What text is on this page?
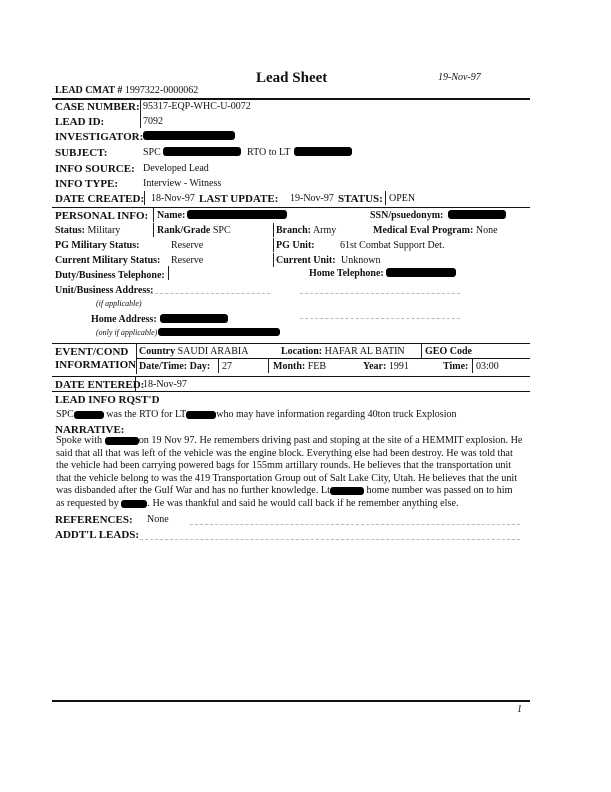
Lead Sheet	19-Nov-97
LEAD CMAT # 1997322-0000062
CASE NUMBER: 95317-EQP-WHC-U-0072
LEAD ID:	7092
INVESTIGATOR:
SUBJECT:	SPC	RTO to LT
INFO SOURCE: Developed Lead
INFO TYPE: Interview - Witness
DATE CREATED: 18-Nov-97 LAST UPDATE: 19-Nov-97 STATUS: OPEN
PERSONAL INFO: Name:	SSN/psuedonym:
Status: Military	Rank/Grade SPC	Branch: Army	Medical Eval Program: None
PG Military Status:	Reserve	PG Unit:	61st Combat Support Det.
Current Military Status: Reserve	Current Unit: Unknown
Duty/Business Telephone:	Home Telephone:
Unit/Business Address:
(if applicable)
Home Address:
(only if applicable)
EVENT/COND
INFORMATION
Country SAUDI ARABIA	Location: HAFAR AL BATIN GEO Code
Date/Time: Day: 27	Month: FEB	Year: 1991	Time: 03:00
DATE ENTERED:
18-Nov-97
LEAD INFO RQST'D
SPC	was the RTO for LT	who may have information regarding 40ton truck Explosion
NARRATIVE:
Spoke with	on 19 Nov 97. He remembers driving past and stoping at the site of a HEMMIT explosion. He
said that all that was left of the vehicle was the engine block. Everything else had been destroy. He was told that
the vehicle had been carrying powered bags for 155mm artillary rounds. He believes that the transportation unit
that the vehicle belong to was the 419 Transportation Group out of Salt Lake City, Utah. He believes that the unit
was disbanded after the Gulf War and has no further knowledge. Lt	home number was passed on to him
as requested by	. He was thankful and said he would call back if he remember anything else.
REFERENCES: None
ADDT'L LEADS:
1
